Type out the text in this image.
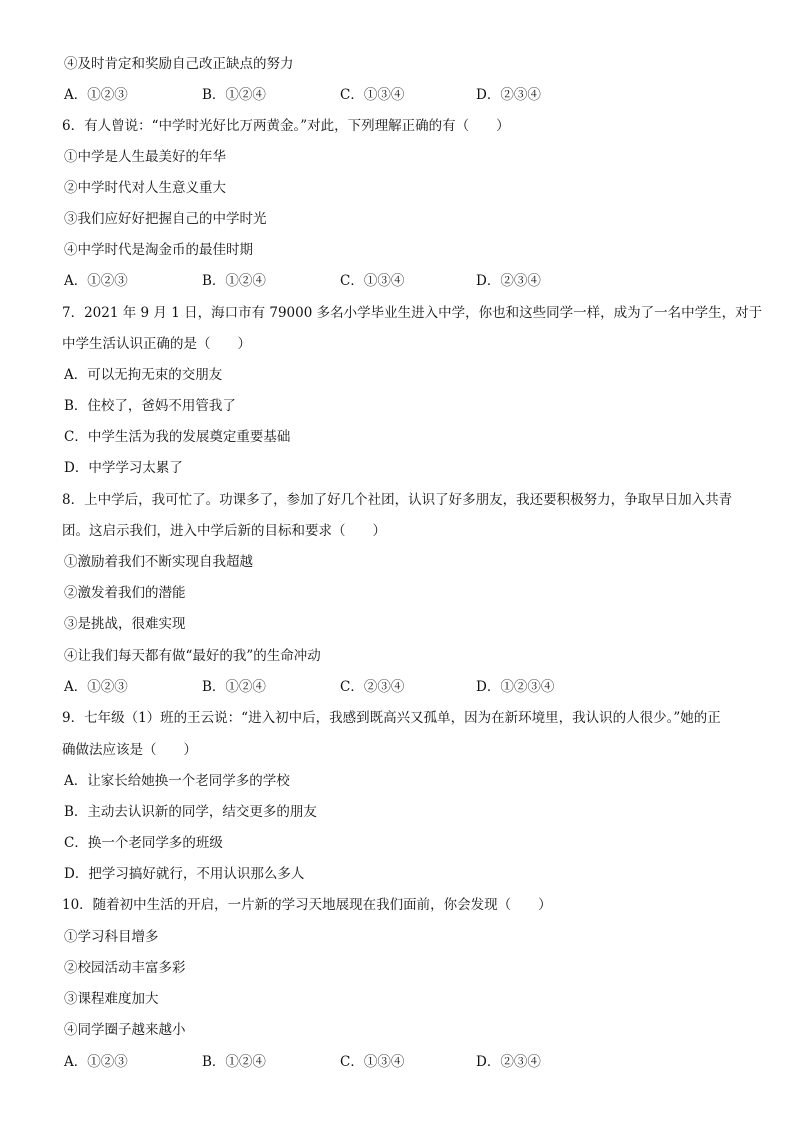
④及时肯定和奖励自己改正缺点的努力
A．①②③	B．①②④	C．①③④	D．②③④
6．有人曾说：“中学时光好比万两黄金。”对此，下列理解正确的有（　　）
①中学是人生最美好的年华
②中学时代对人生意义重大
③我们应好好把握自己的中学时光
④中学时代是淘金币的最佳时期
A．①②③	B．①②④	C．①③④	D．②③④
7．2021 年 9 月 1 日，海口市有 79000 多名小学毕业生进入中学，你也和这些同学一样，成为了一名中学生，对于
中学生活认识正确的是（　　）
A．可以无拘无束的交朋友
B．住校了，爸妈不用管我了
C．中学生活为我的发展奠定重要基础
D．中学学习太累了
8．上中学后，我可忙了。功课多了，参加了好几个社团，认识了好多朋友，我还要积极努力，争取早日加入共青
团。这启示我们，进入中学后新的目标和要求（　　）
①激励着我们不断实现自我超越
②激发着我们的潜能
③是挑战，很难实现
④让我们每天都有做“最好的我”的生命冲动
A．①②③	B．①②④	C．②③④	D．①②③④
9．七年级（1）班的王云说：“进入初中后，我感到既高兴又孤单，因为在新环境里，我认识的人很少。”她的正
确做法应该是（　　）
A．让家长给她换一个老同学多的学校
B．主动去认识新的同学，结交更多的朋友
C．换一个老同学多的班级
D．把学习搞好就行，不用认识那么多人
10．随着初中生活的开启，一片新的学习天地展现在我们面前，你会发现（　　）
①学习科目增多
②校园活动丰富多彩
③课程难度加大
④同学圈子越来越小
A．①②③	B．①②④	C．①③④	D．②③④
